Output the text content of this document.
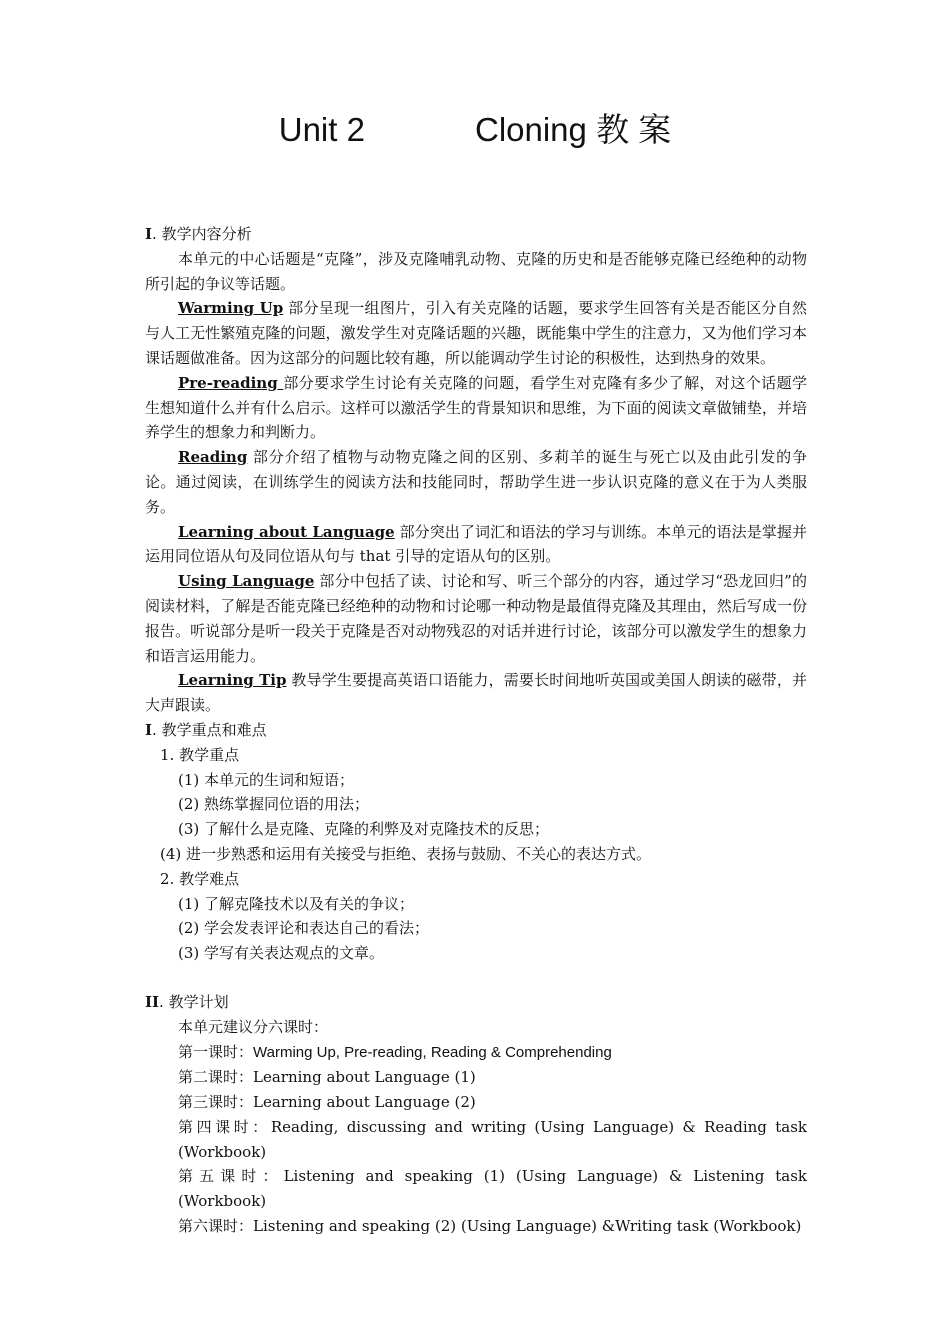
Unit 2	Cloning 教 案

I. 教学内容分析

本单元的中心话题是“克隆”，涉及克隆哺乳动物、克隆的历史和是否能够克隆已经绝种的动物所引起的争议等话题。

Warming Up 部分呈现一组图片，引入有关克隆的话题，要求学生回答有关是否能区分自然与人工无性繁殖克隆的问题，激发学生对克隆话题的兴趣，既能集中学生的注意力，又为他们学习本课话题做准备。因为这部分的问题比较有趣，所以能调动学生讨论的积极性，达到热身的效果。

Pre-reading 部分要求学生讨论有关克隆的问题，看学生对克隆有多少了解，对这个话题学生想知道什么并有什么启示。这样可以激活学生的背景知识和思维，为下面的阅读文章做铺垫，并培养学生的想象力和判断力。

Reading 部分介绍了植物与动物克隆之间的区别、多莉羊的诞生与死亡以及由此引发的争论。通过阅读，在训练学生的阅读方法和技能同时，帮助学生进一步认识克隆的意义在于为人类服务。

Learning about Language 部分突出了词汇和语法的学习与训练。本单元的语法是掌握并运用同位语从句及同位语从句与 that 引导的定语从句的区别。

Using Language 部分中包括了读、讨论和写、听三个部分的内容，通过学习“恐龙回归”的阅读材料，了解是否能克隆已经绝种的动物和讨论哪一种动物是最值得克隆及其理由，然后写成一份报告。听说部分是听一段关于克隆是否对动物残忍的对话并进行讨论，该部分可以激发学生的想象力和语言运用能力。

Learning Tip 教导学生要提高英语口语能力，需要长时间地听英国或美国人朗读的磁带，并大声跟读。

I. 教学重点和难点

1. 教学重点

(1) 本单元的生词和短语；

(2) 熟练掌握同位语的用法；

(3) 了解什么是克隆、克隆的利弊及对克隆技术的反思；

(4) 进一步熟悉和运用有关接受与拒绝、表扬与鼓励、不关心的表达方式。

2. 教学难点

(1) 了解克隆技术以及有关的争议；

(2) 学会发表评论和表达自己的看法；

(3) 学写有关表达观点的文章。

II. 教学计划

本单元建议分六课时：

第一课时：Warming Up, Pre-reading, Reading & Comprehending

第二课时：Learning about Language (1)

第三课时：Learning about Language (2)

第四课时：Reading, discussing and writing (Using Language) & Reading task (Workbook)

第五课时：Listening and speaking (1) (Using Language) & Listening task (Workbook)

第六课时：Listening and speaking (2) (Using Language) &Writing task (Workbook)
